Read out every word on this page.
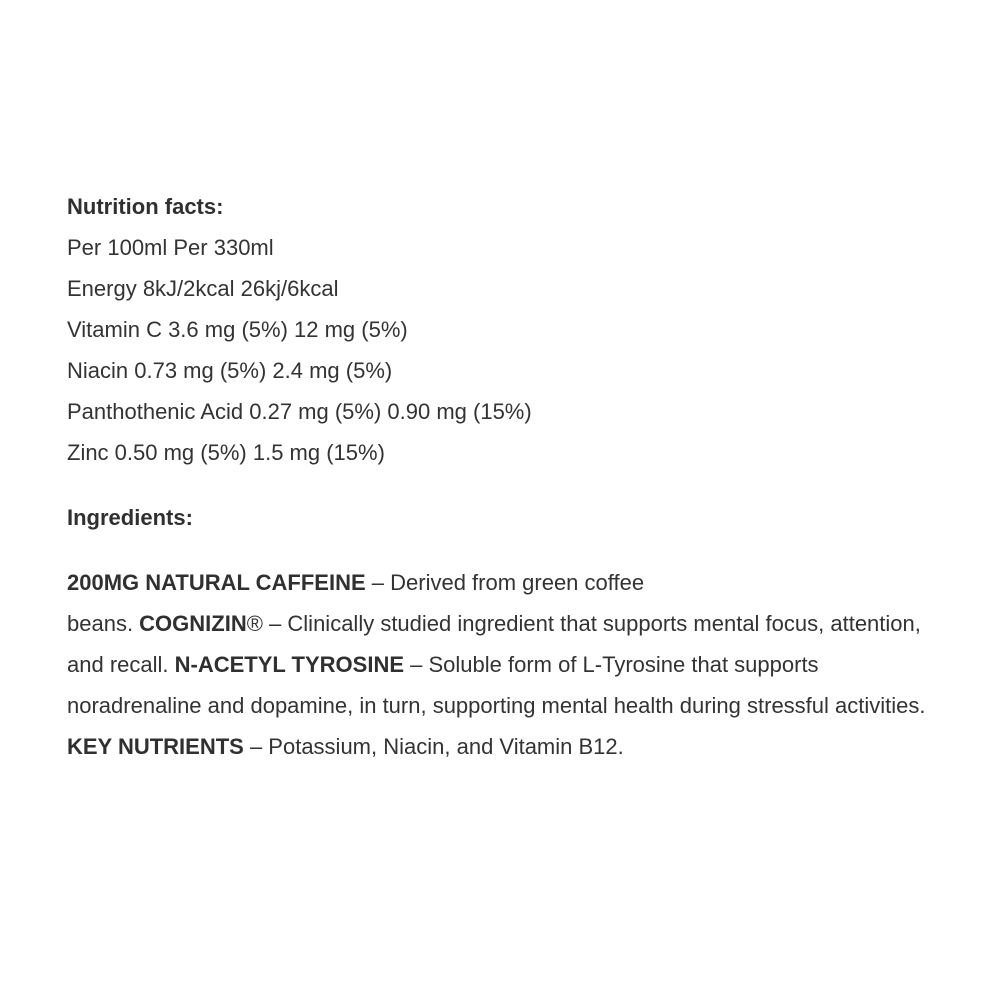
Nutrition facts:
Per 100ml Per 330ml
Energy 8kJ/2kcal 26kj/6kcal
Vitamin C 3.6 mg (5%) 12 mg (5%)
Niacin 0.73 mg (5%) 2.4 mg (5%)
Panthothenic Acid 0.27 mg (5%) 0.90 mg (15%)
Zinc 0.50 mg (5%) 1.5 mg (15%)
Ingredients:
200MG NATURAL CAFFEINE – Derived from green coffee
beans. COGNIZIN® – Clinically studied ingredient that supports mental focus, attention, and recall. N-ACETYL TYROSINE – Soluble form of L-Tyrosine that supports noradrenaline and dopamine, in turn, supporting mental health during stressful activities. KEY NUTRIENTS – Potassium, Niacin, and Vitamin B12.
